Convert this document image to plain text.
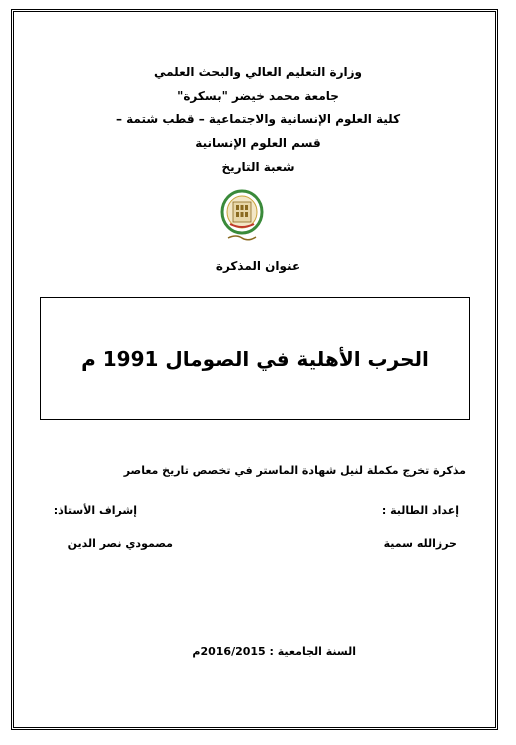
وزارة التعليم العالي والبحث العلمي
جامعة محمد خيضر "بسكرة"
كلية العلوم الإنسانية والاجتماعية – قطب شتمة –
قسم العلوم الإنسانية
شعبة التاريخ
عنوان المذكرة
الحرب الأهلية في الصومال 1991 م
مذكرة تخرج مكملة لنيل شهادة الماستر في تخصص تاريخ معاصر
إعداد الطالبة :
إشراف الأستاذ:
حرزالله سمية
مصمودي نصر الدين
السنة الجامعية : 2016/2015م
